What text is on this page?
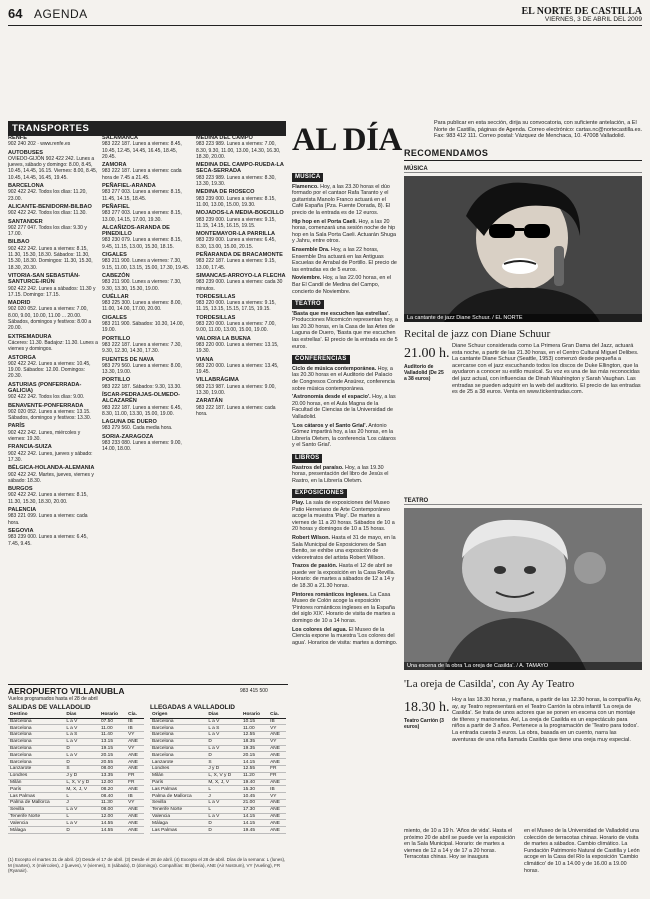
64 AGENDA	EL NORTE DE CASTILLA
VIERNES, 3 DE ABRIL DEL 2009
TRANSPORTES
RENFE

902 240 202 · www.renfe.es

AUTOBUSES

OVIEDO-GIJÓN 902 422 242. Lunes a jueves, sábado y domingo: 8.00, 8.45, 10.45, 14.45, 16.15. Viernes: 8.00, 8.45, 10.45, 14.45, 16.45, 19.45.

BARCELONA

902 422 242. Todos los días: 11.20, 23.00.

ALICANTE-BENIDORM-BILBAO

902 422 242. Todos los días: 11.30.

SANTANDER

902 277 047. Todos los días: 9.30 y 17.00.

BILBAO

902 422 242. Lunes a viernes: 8.15, 11.30, 15.30, 18.30. Sábados: 11.30, 15.30, 18.30. Domingos: 11.30, 15.30, 18.30, 20.30.

VITORIA-SAN SEBASTIÁN-SANTURCE-IRÚN

902 422 242. Lunes a sábados: 11.30 y 17.15. Domingo: 17.15.

MADRID

902 020 052. Lunes a viernes: 7.00, 8.00, 9.00, 10.00, 11.00 ... 20.00. Sábados, domingos y festivos: 8.00 a 20.00.

EXTREMADURA

Cáceres: 11.30. Badajoz: 11.30. Lunes a viernes y domingos.

ASTORGA

902 422 242. Lunes a viernes: 10.45, 19.00. Sábados: 12.00. Domingos: 20.30.

ASTURIAS (PONFERRADA-GALICIA)

902 422 242. Todos los días: 9.00.

BENAVENTE-PONFERRADA

902 020 052. Lunes a viernes: 13.15. Sábados, domingos y festivos: 13.30.

PARÍS

902 422 242. Lunes, miércoles y viernes: 19.30.

FRANCIA-SUIZA

902 422 242. Lunes, jueves y sábado: 17.30.

BÉLGICA-HOLANDA-ALEMANIA

902 422 242. Martes, jueves, viernes y sábado: 18.30.

BURGOS

902 422 242. Lunes a viernes: 8.15, 11.30, 15.30, 18.30, 20.00.

PALENCIA

983 221 099. Lunes a viernes: cada hora.

SEGOVIA

983 239 000. Lunes a viernes: 6.45, 7.45, 9.45.

SALAMANCA

983 222 187. Lunes a viernes: 8.45, 10.45, 12.45, 14.45, 16.45, 18.45, 20.45.

ZAMORA

983 222 187. Lunes a viernes: cada hora de 7.45 a 21.45.

PEÑAFIEL-ARANDA

983 277 003. Lunes a viernes: 8.15, 11.45, 14.15, 18.45.

PEÑAFIEL

983 277 003. Lunes a viernes: 8.15, 13.00, 14.15, 17.00, 19.30.

ALCAÑIZOS-ARANDA DE PINEDILLO

983 230 079. Lunes a viernes: 8.15, 9.45, 11.15, 13.00, 15.30, 18.15.

CIGALES

983 211 900. Lunes a viernes: 7.30, 9.15, 11.00, 13.15, 15.00, 17.30, 19.45.

CABEZÓN

983 211 900. Lunes a viernes: 7.30, 9.30, 13.30, 15.30, 19.00.

CUÉLLAR

983 225 300. Lunes a viernes: 8.00, 11.00, 14.00, 17.00, 20.00.

CIGALES

983 211 900. Sábados: 10.30, 14.00, 19.00.

PORTILLO

983 222 187. Lunes a viernes: 7.30, 9.30, 12.30, 14.30, 17.30.

FUENTES DE NAVA

983 279 560. Lunes a viernes: 8.00, 13.30, 19.00.

PORTILLO

983 222 187. Sábados: 9.30, 13.30.

ÍSCAR-PEDRAJAS-OLMEDO-ALCAZARÉN

983 222 187. Lunes a viernes: 6.45, 8.30, 11.00, 13.30, 15.00, 19.00.

LAGUNA DE DUERO

983 279 560. Cada media hora.

SORIA-ZARAGOZA

983 233 080. Lunes a viernes: 9.00, 14.00, 18.00.

MEDINA DEL CAMPO

983 223 989. Lunes a viernes: 7.00, 8.30, 9.30, 11.00, 13.00, 14.30, 16.30, 18.30, 20.00.

MEDINA DEL CAMPO-RUEDA-LA SECA-SERRADA

983 223 989. Lunes a viernes: 8.30, 13.30, 19.30.

MEDINA DE RIOSECO

983 239 000. Lunes a viernes: 8.15, 11.00, 13.00, 15.00, 19.30.

MOJADOS-LA MEDIA-BOECILLO

983 239 000. Lunes a viernes: 9.15, 11.15, 14.15, 16.15, 19.15.

MONTEMAYOR-LA PARRILLA

983 239 000. Lunes a viernes: 6.45, 8.30, 13.00, 15.00, 20.15.

PEÑARANDA DE BRACAMONTE

983 222 187. Lunes a viernes: 9.15, 13.00, 17.45.

SIMANCAS-ARROYO-LA FLECHA

983 239 000. Lunes a viernes: cada 30 minutos.

TORDESILLAS

983 220 000. Lunes a viernes: 9.15, 11.15, 13.15, 15.15, 17.15, 19.15.

TORDESILLAS

983 220 000. Lunes a viernes: 7.00, 9.00, 11.00, 13.00, 15.00, 19.00.

VALORIA LA BUENA

983 220 000. Lunes a viernes: 13.15, 19.30.

VIANA

983 220 000. Lunes a viernes: 13.45, 19.45.

VILLABRÁGIMA

983 213 987. Lunes a viernes: 9.00, 13.30, 19.00.

ZARATÁN

983 222 187. Lunes a viernes: cada hora.

AL DÍA	Para publicar en esta sección, dirija su convocatoria, con suficiente antelación, a El Norte de Castilla, páginas de Agenda. Correo electrónico: cartas.nc@nortecastilla.es. Fax: 983 412 111. Correo postal: Vázquez de Menchaca, 10. 47008 Valladolid.
MÚSICA

Flamenco. Hoy, a las 23.30 horas el dúo formado por el cantaor Rafa Taranto y el guitarrista Manolo Franco actuará en el Café España (Pza. Fuente Dorada, 8). El precio de la entrada es de 12 euros.

Hip hop en el Porta Caeli. Hoy, a las 20 horas, comenzará una sesión noche de hip hop en la Sala Porta Caeli. Actuarán Shuga y Jahru, entre otros.

Ensemble Dra. Hoy, a las 22 horas, Ensemble Dra actuará en las Antiguas Escuelas de Arrabal de Portillo. El precio de las entradas es de 5 euros.

Noviembre. Hoy, a las 22.00 horas, en el Bar El Candil de Medina del Campo, concierto de Noviembre.

TEATRO

'Basta que me escuchen las estrellas'. Producciones Micomicón representan hoy, a las 20.30 horas, en la Casa de las Artes de Laguna de Duero, 'Basta que me escuchen las estrellas'. El precio de la entrada es de 5 euros.

CONFERENCIAS

Ciclo de música contemporánea. Hoy, a las 20.30 horas en el Auditorio del Palacio de Congresos Conde Ansúrez, conferencia sobre música contemporánea.

'Astronomía desde el espacio'. Hoy, a las 20.00 horas, en el Aula Magna de la Facultad de Ciencias de la Universidad de Valladolid.

'Los cátaros y el Santo Grial'. Antonio Gómez impartirá hoy, a las 20 horas, en la Librería Oletvm, la conferencia 'Los cátaros y el Santo Grial'.

LIBROS

Rastros del paraíso. Hoy, a las 19.30 horas, presentación del libro de Jesús el Rastro, en la Librería Oletvm.

EXPOSICIONES

Play. La sala de exposiciones del Museo Patio Herreriano de Arte Contemporáneo acoge la muestra 'Play'. De martes a viernes de 11 a 20 horas. Sábados de 10 a 20 horas y domingos de 10 a 15 horas.

Robert Wilson. Hasta el 31 de mayo, en la Sala Municipal de Exposiciones de San Benito, se exhibe una exposición de videoretratos del artista Robert Wilson.

Trazos de pasión. Hasta el 12 de abril se puede ver la exposición en la Casa Revilla. Horario: de martes a sábados de 12 a 14 y de 18.30 a 21.30 horas.

Pintores románticos ingleses. La Casa Museo de Colón acoge la exposición 'Pintores románticos ingleses en la España del siglo XIX'. Horario de visita de martes a domingo de 10 a 14 horas.

Los colores del agua. El Museo de la Ciencia expone la muestra 'Los colores del agua'. Horarios de visita: martes a domingo.

RECOMENDAMOS
MÚSICA
La cantante de jazz Diane Schuur. / EL NORTE
Recital de jazz con Diane Schuur
21.00 h.
Auditorio de Valladolid (De 25 a 38 euros)
Diane Schuur considerada como La Primera Gran Dama del Jazz, actuará esta noche, a partir de las 21.30 horas, en el Centro Cultural Miguel Delibes. La cantante Diane Schuur (Seattle, 1953) comenzó desde pequeña a acercarse con el jazz escuchando todos los discos de Duke Ellington, que la ayudaron a conocer su estilo musical. Su voz es una de las más reconocidas del jazz actual, con influencias de Dinah Washington y Sarah Vaughan. Las entradas se pueden adquirir en la web del auditorio. El precio de las entradas es de 25 a 38 euros. Venta en www.tickentradas.com.
TEATRO
Una escena de la obra 'La oreja de Casilda'. / A. TAMAYO
'La oreja de Casilda', con Ay Ay Teatro
18.30 h.
Teatro Carrión (3 euros)
Hoy a las 18.30 horas, y mañana, a partir de las 12.30 horas, la compañía Ay, ay, ay Teatro representará en el Teatro Carrión la obra infantil 'La oreja de Casilda'. Se trata de unos actores que se ponen en escena con un montaje de títeres y marionetas. Así, La oreja de Casilda es un espectáculo para niños a partir de 3 años. Pertenece a la programación de 'Teatro para todos'. La entrada cuesta 3 euros. La obra, basada en un cuento, narra las aventuras de una niña llamada Casilda que tiene una oreja muy especial.
miento, de 10 a 19 h. 'Años de vida'. Hasta el próximo 20 de abril se puede ver la exposición en la Sala Municipal. Horario: de martes a viernes de 12 a 14 y de 17 a 20 horas. Terracotas chinas. Hoy se inaugura
en el Museo de la Universidad de Valladolid una colección de terracotas chinas. Horario de visita de martes a sábados. Cambio climático. La Fundación Patrimonio Natural de Castilla y León acoge en la Casa del Río la exposición 'Cambio climático' de 10 a 14.00 y de 16.00 a 19.00 horas.
AEROPUERTO VILLANUBLA	983 415 500
Vuelos programados hasta el 28 de abril
SALIDAS DE VALLADOLID	LLEGADAS A VALLADOLID
Destino	Días	Horario	Cía.
Barcelona	L a V	07.50	IB
Barcelona	L a V	11.00	IB
Barcelona	L a S	11.40	VY
Barcelona	L a V	13.15	ANE
Barcelona	D	19.15	VY
Barcelona	L a V	20.15	ANE
Barcelona	D	20.55	ANE
Lanzarote	S	08.00	ANE
Londres	J y D	13.35	FR
Milán	L, X, V y D	12.00	FR
París	M, X, J, V	08.20	ANE
Las Palmas	L	08.40	IB
Palma de Mallorca	J	11.30	VY
Sevilla	L a V	08.00	ANE
Tenerife Norte	L	12.00	ANE
Valencia	L a V	14.55	ANE
Málaga	D	14.55	ANE
Origen	Días	Horario	Cía.
Barcelona	L a V	10.15	IB
Barcelona	L a S	11.00	VY
Barcelona	L a V	12.55	ANE
Barcelona	D	18.35	VY
Barcelona	L a V	19.35	ANE
Barcelona	D	20.15	ANE
Lanzarote	S	14.15	ANE
Londres	J y D	12.55	FR
Milán	L, X, V y D	11.20	FR
París	M, X, J, V	19.40	ANE
Las Palmas	L	15.30	IB
Palma de Mallorca	J	10.45	VY
Sevilla	L a V	21.00	ANE
Tenerife Norte	L	17.30	ANE
Valencia	L a V	14.15	ANE
Málaga	D	14.15	ANE
Las Palmas	D	19.45	ANE
(1) Excepto el martes 31 de abril. (2) Desde el 17 de abril. (3) Desde el 28 de abril. (4) Excepto el 28 de abril. Días de la semana: L (lunes), M (martes), X (miércoles), J (jueves), V (viernes), S (sábado), D (domingo). Compañías: IB (Iberia), ANE (Air Nostrum), VY (Vueling), FR (Ryanair).
